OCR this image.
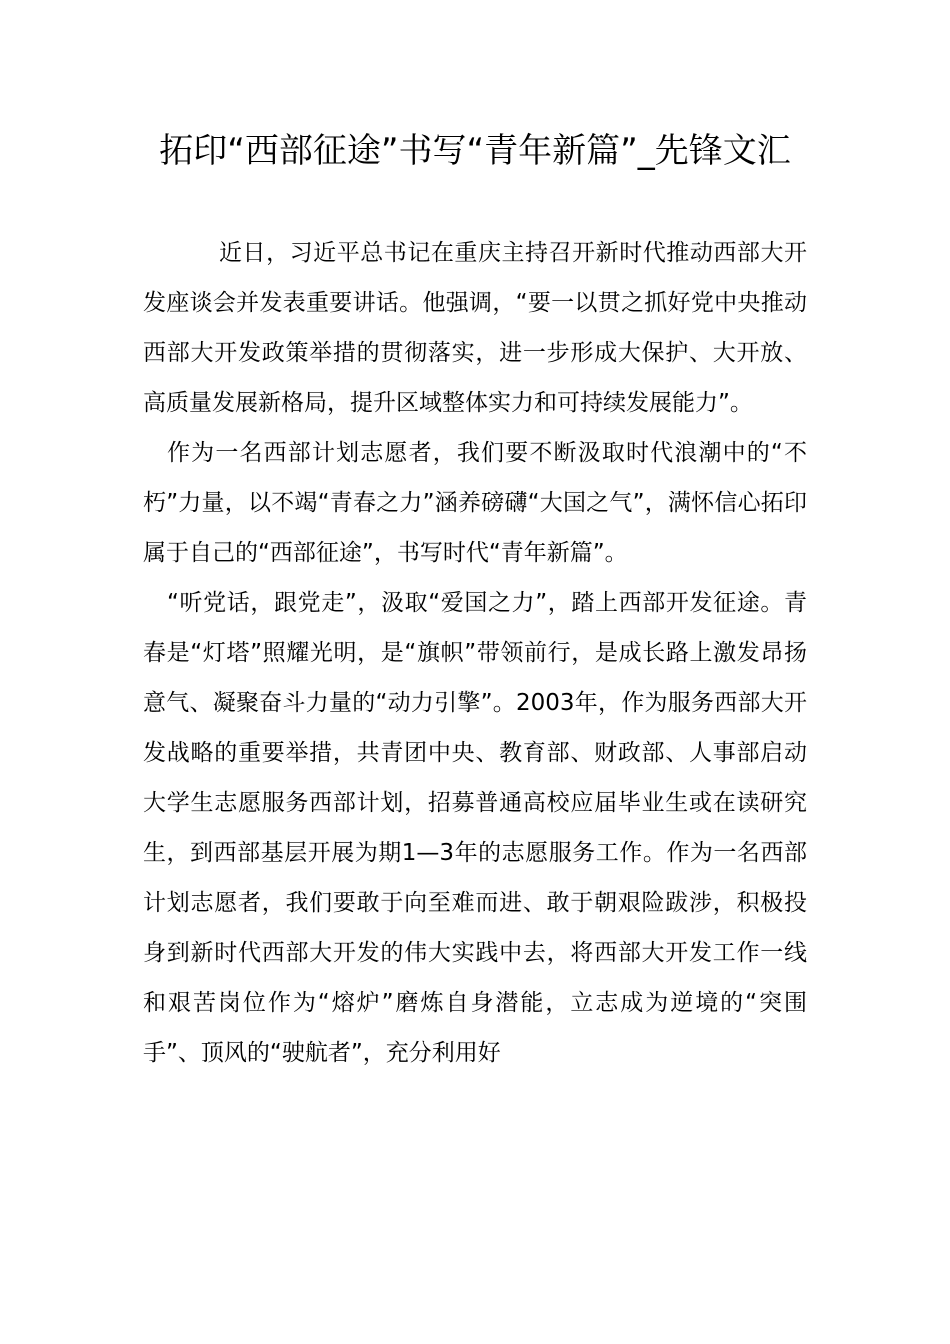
拓印“西部征途”书写“青年新篇”_先锋文汇

近日，习近平总书记在重庆主持召开新时代推动西部大开发座谈会并发表重要讲话。他强调，“要一以贯之抓好党中央推动西部大开发政策举措的贯彻落实，进一步形成大保护、大开放、高质量发展新格局，提升区域整体实力和可持续发展能力”。

作为一名西部计划志愿者，我们要不断汲取时代浪潮中的“不朽”力量，以不竭“青春之力”涵养磅礴“大国之气”，满怀信心拓印属于自己的“西部征途”，书写时代“青年新篇”。

“听党话，跟党走”，汲取“爱国之力”，踏上西部开发征途。青春是“灯塔”照耀光明，是“旗帜”带领前行，是成长路上激发昂扬意气、凝聚奋斗力量的“动力引擎”。2003年，作为服务西部大开发战略的重要举措，共青团中央、教育部、财政部、人事部启动大学生志愿服务西部计划，招募普通高校应届毕业生或在读研究生，到西部基层开展为期1—3年的志愿服务工作。作为一名西部计划志愿者，我们要敢于向至难而进、敢于朝艰险跋涉，积极投身到新时代西部大开发的伟大实践中去，将西部大开发工作一线和艰苦岗位作为“熔炉”磨炼自身潜能，立志成为逆境的“突围手”、顶风的“驶航者”，充分利用好
